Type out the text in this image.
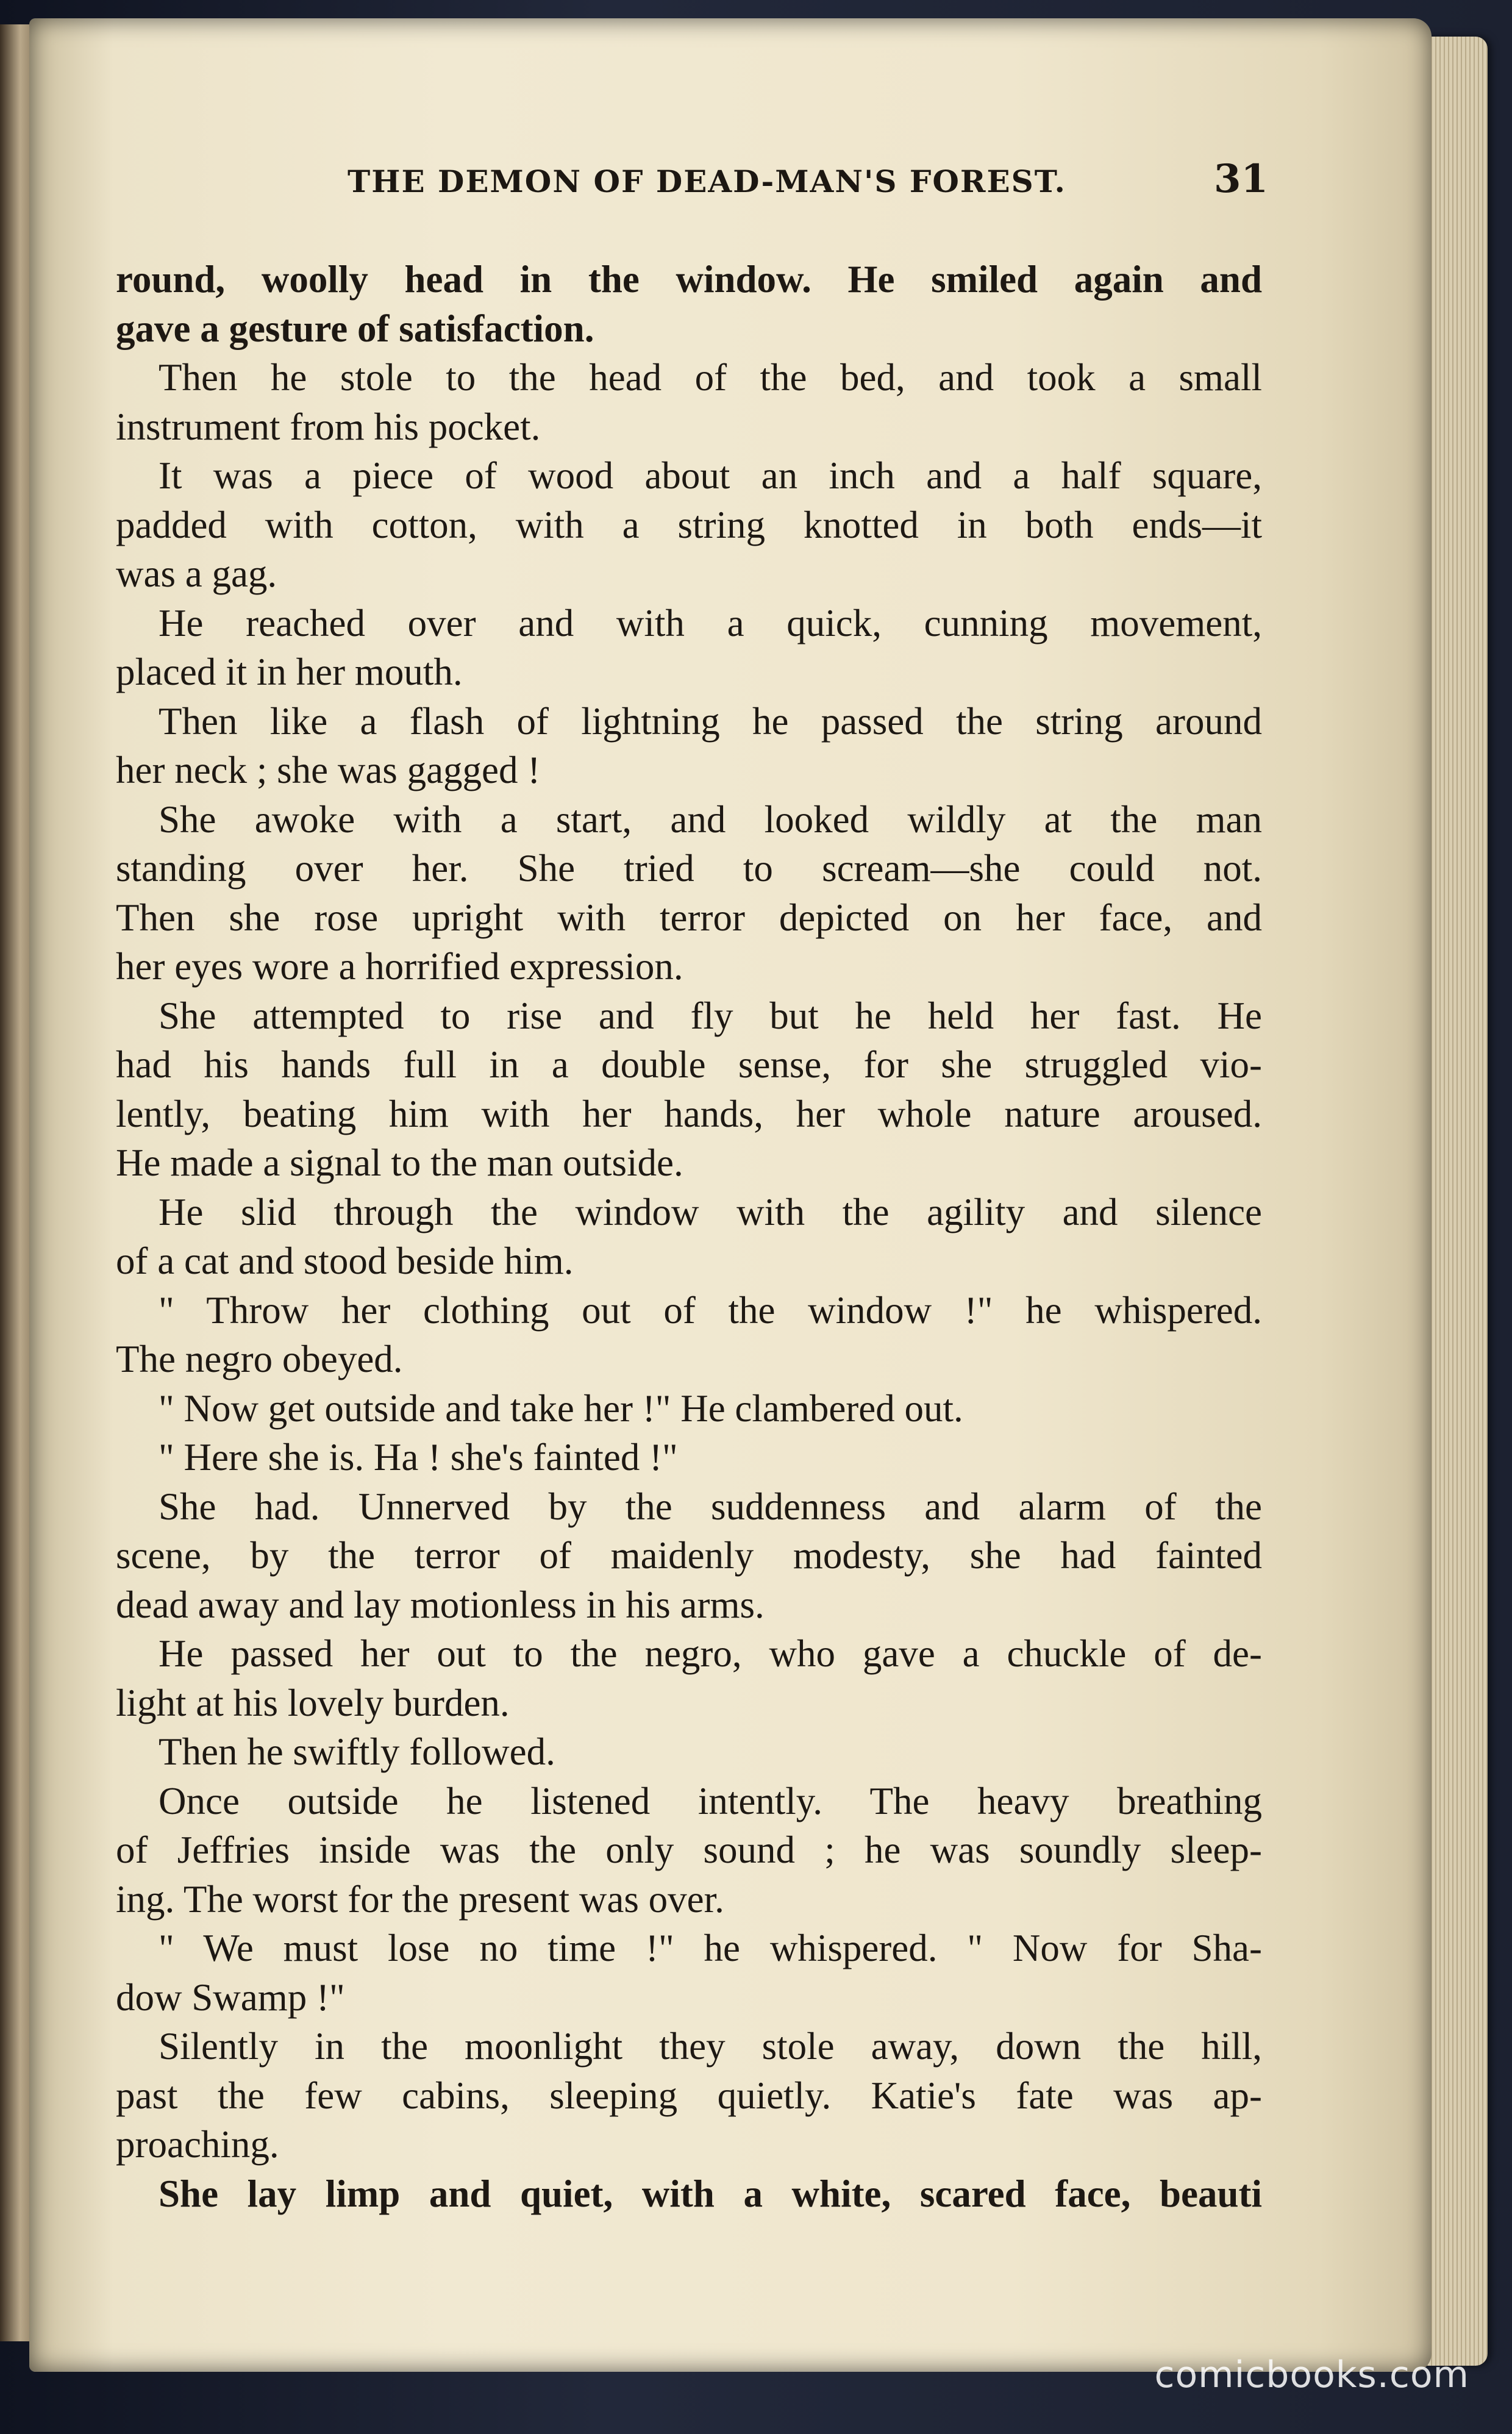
THE DEMON OF DEAD-MAN'S FOREST.	31
round, woolly head in the window. He smiled again and
gave a gesture of satisfaction.
Then he stole to the head of the bed, and took a small
instrument from his pocket.
It was a piece of wood about an inch and a half square,
padded with cotton, with a string knotted in both ends—it
was a gag.
He reached over and with a quick, cunning movement,
placed it in her mouth.
Then like a flash of lightning he passed the string around
her neck ; she was gagged !
She awoke with a start, and looked wildly at the man
standing over her. She tried to scream—she could not.
Then she rose upright with terror depicted on her face, and
her eyes wore a horrified expression.
She attempted to rise and fly but he held her fast. He
had his hands full in a double sense, for she struggled vio-
lently, beating him with her hands, her whole nature aroused.
He made a signal to the man outside.
He slid through the window with the agility and silence
of a cat and stood beside him.
" Throw her clothing out of the window !" he whispered.
The negro obeyed.
" Now get outside and take her !" He clambered out.
" Here she is. Ha ! she's fainted !"
She had. Unnerved by the suddenness and alarm of the
scene, by the terror of maidenly modesty, she had fainted
dead away and lay motionless in his arms.
He passed her out to the negro, who gave a chuckle of de-
light at his lovely burden.
Then he swiftly followed.
Once outside he listened intently. The heavy breathing
of Jeffries inside was the only sound ; he was soundly sleep-
ing. The worst for the present was over.
" We must lose no time !" he whispered. " Now for Sha-
dow Swamp !"
Silently in the moonlight they stole away, down the hill,
past the few cabins, sleeping quietly. Katie's fate was ap-
proaching.
She lay limp and quiet, with a white, scared face, beauti
comicbooks.com
